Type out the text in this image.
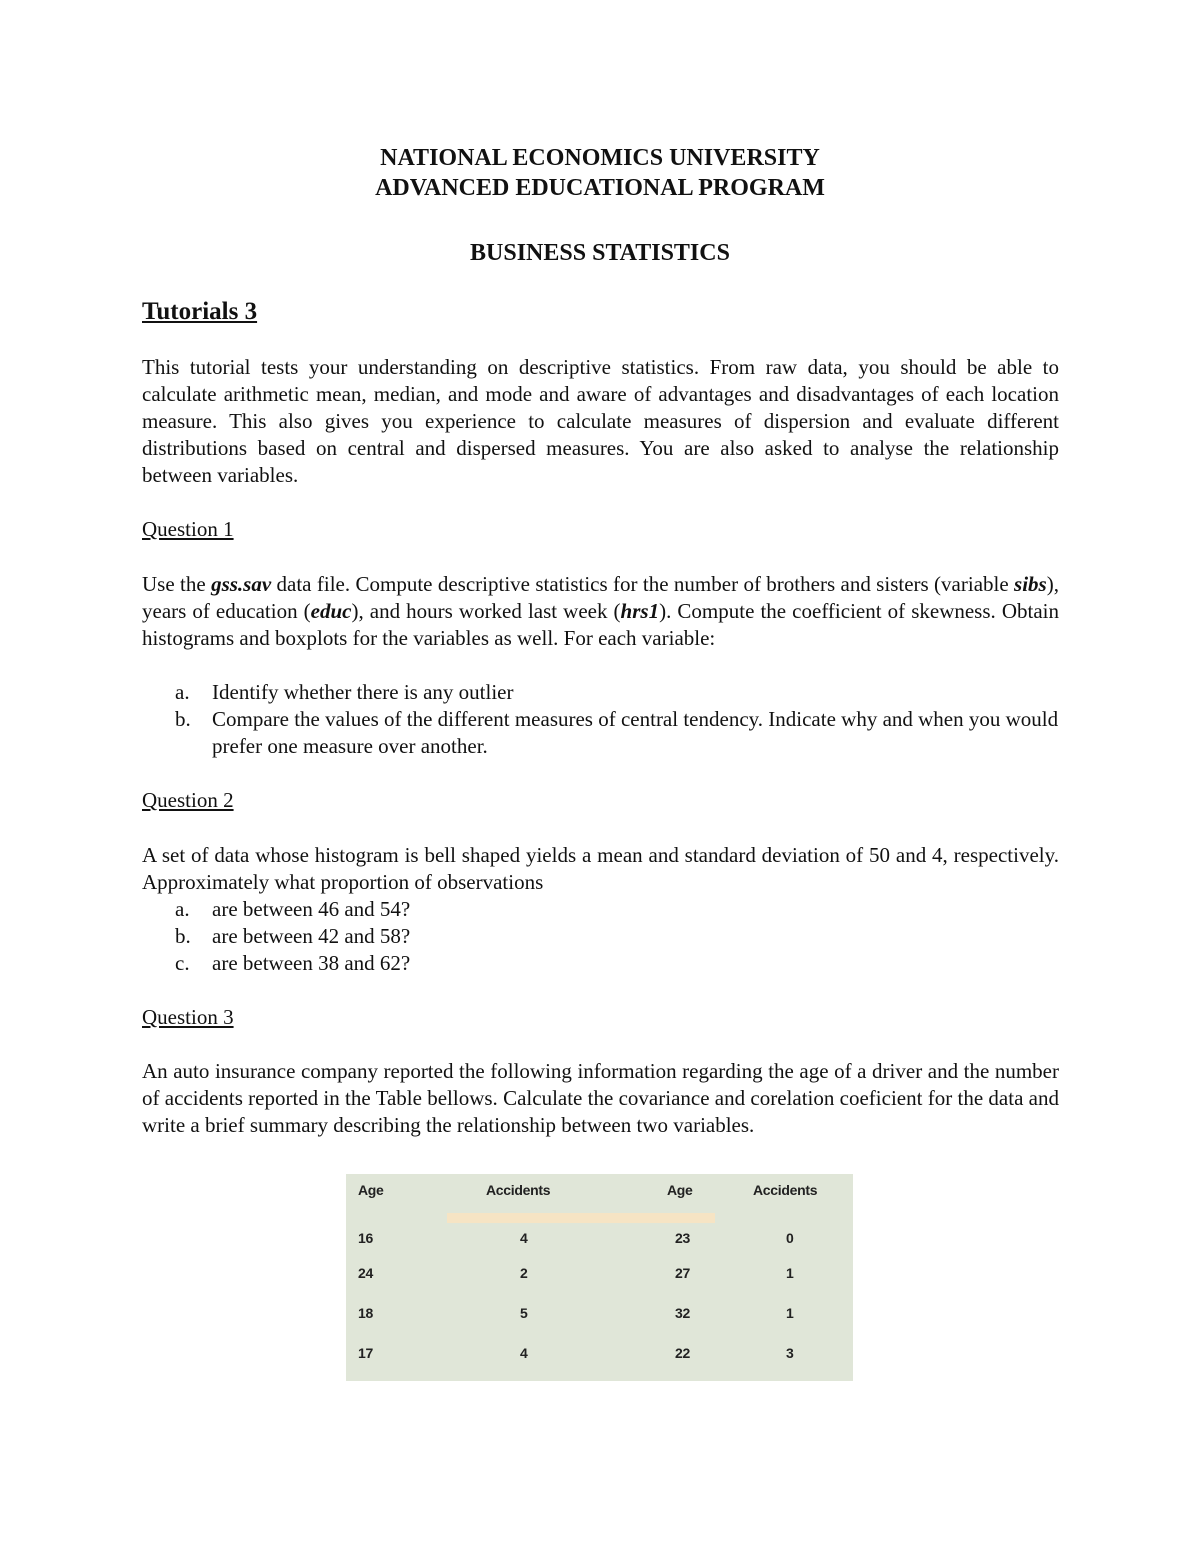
NATIONAL ECONOMICS UNIVERSITY
ADVANCED EDUCATIONAL PROGRAM
BUSINESS STATISTICS
Tutorials 3
This tutorial tests your understanding on descriptive statistics. From raw data, you should be able to calculate arithmetic mean, median, and mode and aware of advantages and disadvantages of each location measure. This also gives you experience to calculate measures of dispersion and evaluate different distributions based on central and dispersed measures. You are also asked to analyse the relationship between variables.
Question 1
Use the gss.sav data file. Compute descriptive statistics for the number of brothers and sisters (variable sibs), years of education (educ), and hours worked last week (hrs1). Compute the coefficient of skewness. Obtain histograms and boxplots for the variables as well. For each variable:
a. Identify whether there is any outlier
b. Compare the values of the different measures of central tendency. Indicate why and when you would prefer one measure over another.
Question 2
A set of data whose histogram is bell shaped yields a mean and standard deviation of 50 and 4, respectively. Approximately what proportion of observations
a. are between 46 and 54?
b. are between 42 and 58?
c. are between 38 and 62?
Question 3
An auto insurance company reported the following information regarding the age of a driver and the number of accidents reported in the Table bellows. Calculate the covariance and corelation coeficient for the data and write a brief summary describing the relationship between two variables.
Age	Accidents	Age	Accidents
16	4	23	0
24	2	27	1
18	5	32	1
17	4	22	3
